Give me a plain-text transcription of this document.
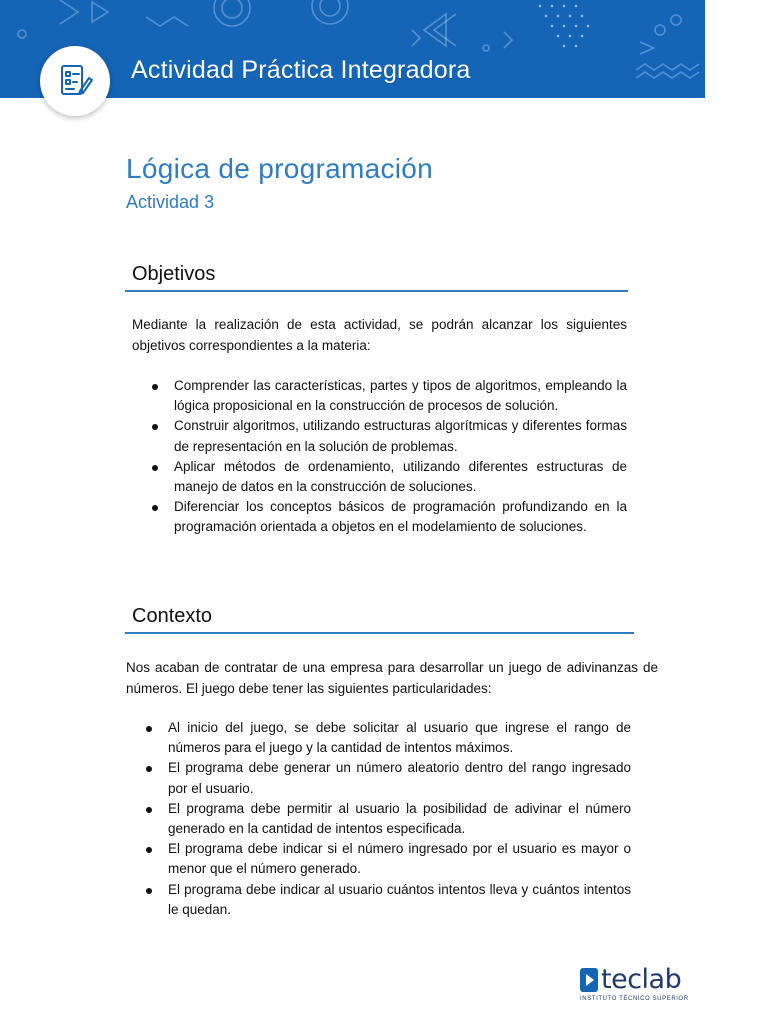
Actividad Práctica Integradora
Lógica de programación
Actividad 3
Objetivos
Mediante la realización de esta actividad, se podrán alcanzar los siguientes objetivos correspondientes a la materia:
Comprender las características, partes y tipos de algoritmos, empleando la lógica proposicional en la construcción de procesos de solución.
Construir algoritmos, utilizando estructuras algorítmicas y diferentes formas de representación en la solución de problemas.
Aplicar métodos de ordenamiento, utilizando diferentes estructuras de manejo de datos en la construcción de soluciones.
Diferenciar los conceptos básicos de programación profundizando en la programación orientada a objetos en el modelamiento de soluciones.
Contexto
Nos acaban de contratar de una empresa para desarrollar un juego de adivinanzas de números. El juego debe tener las siguientes particularidades:
Al inicio del juego, se debe solicitar al usuario que ingrese el rango de números para el juego y la cantidad de intentos máximos.
El programa debe generar un número aleatorio dentro del rango ingresado por el usuario.
El programa debe permitir al usuario la posibilidad de adivinar el número generado en la cantidad de intentos especificada.
El programa debe indicar si el número ingresado por el usuario es mayor o menor que el número generado.
El programa debe indicar al usuario cuántos intentos lleva y cuántos intentos le quedan.
teclab
INSTITUTO TÉCNICO SUPERIOR
